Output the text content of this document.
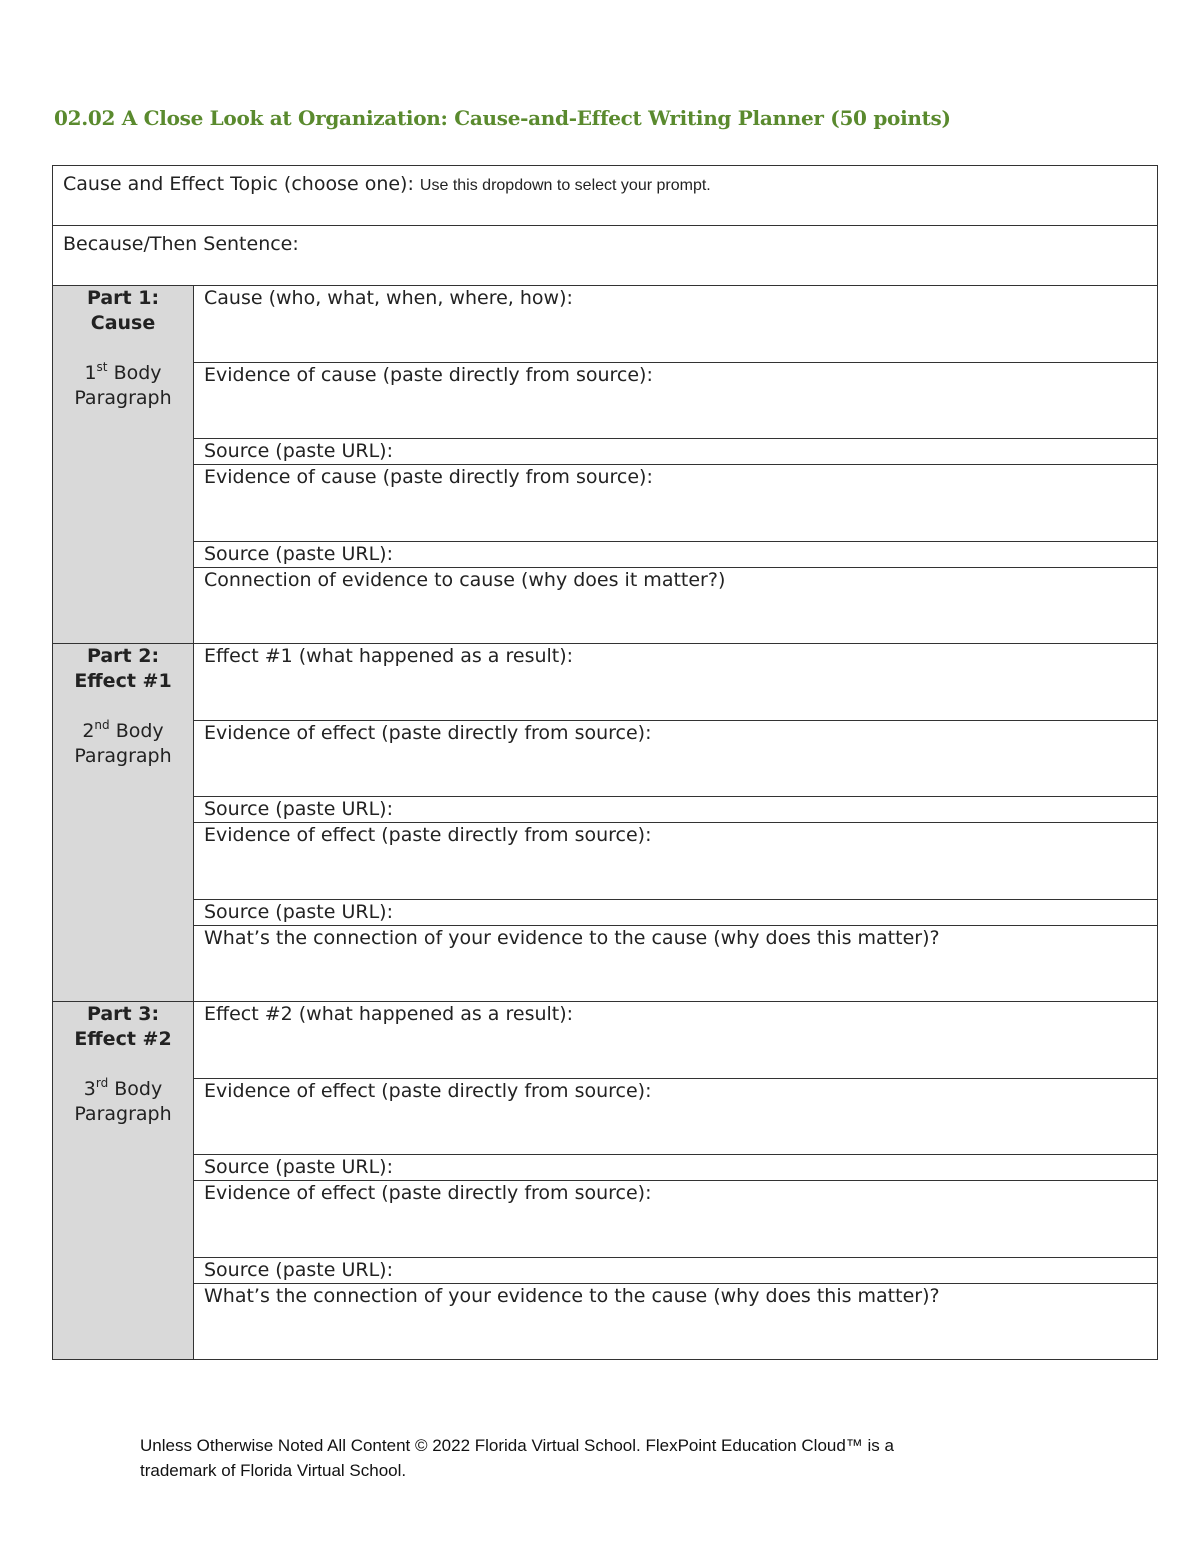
02.02 A Close Look at Organization: Cause-and-Effect Writing Planner (50 points)
Cause and Effect Topic (choose one): Use this dropdown to select your prompt.	
Because/Then Sentence:	

Part 1:
Cause
1st Body
Paragraph	Cause (who, what, when, where, how):
	Evidence of cause (paste directly from source):
	Source (paste URL):
	Evidence of cause (paste directly from source):
	Source (paste URL):
	Connection of evidence to cause (why does it matter?)

Part 2:
Effect #1
2nd Body
Paragraph	Effect #1 (what happened as a result):
	Evidence of effect (paste directly from source):
	Source (paste URL):
	Evidence of effect (paste directly from source):
	Source (paste URL):
	What’s the connection of your evidence to the cause (why does this matter)?

Part 3:
Effect #2
3rd Body
Paragraph	Effect #2 (what happened as a result):
	Evidence of effect (paste directly from source):
	Source (paste URL):
	Evidence of effect (paste directly from source):
	Source (paste URL):
	What’s the connection of your evidence to the cause (why does this matter)?
Unless Otherwise Noted All Content © 2022 Florida Virtual School. FlexPoint Education Cloud™ is a
trademark of Florida Virtual School.
